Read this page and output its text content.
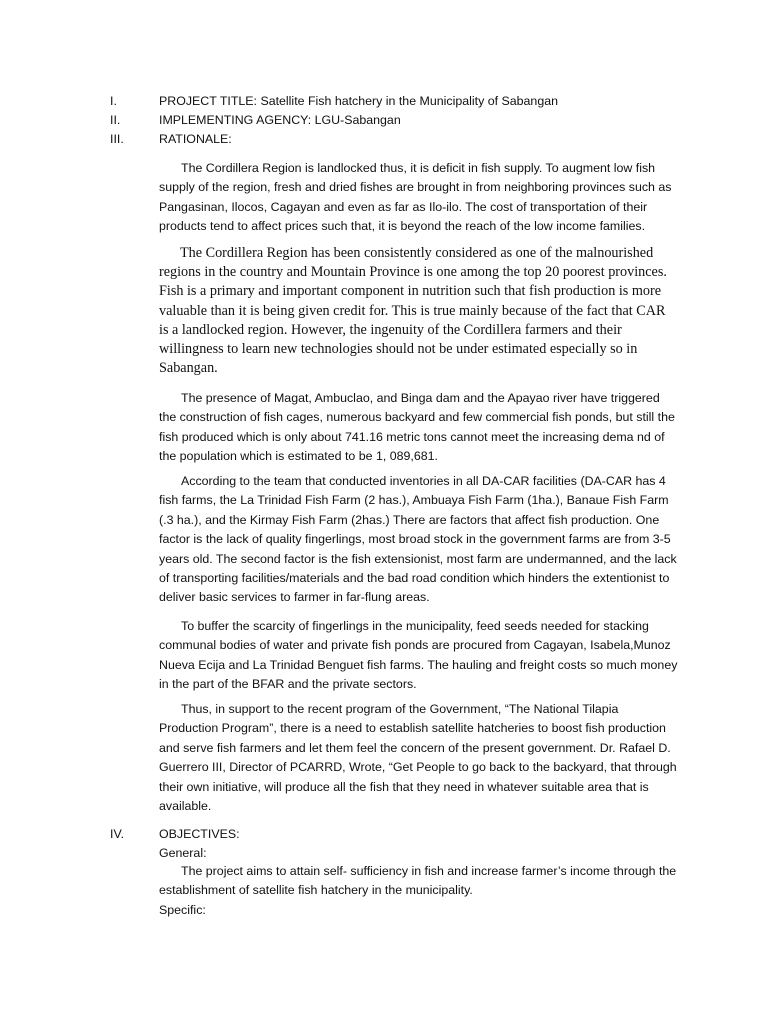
I.	PROJECT TITLE: Satellite Fish hatchery in the Municipality of Sabangan
II.	IMPLEMENTING AGENCY: LGU-Sabangan
III.	RATIONALE:

The Cordillera Region is landlocked thus, it is deficit in fish supply. To augment low fish supply of the region, fresh and dried fishes are brought in from neighboring provinces such as Pangasinan, Ilocos, Cagayan and even as far as Ilo-ilo. The cost of transportation of their products tend to affect prices such that, it is beyond the reach of the low income families.

The Cordillera Region has been consistently considered as one of the malnourished regions in the country and Mountain Province is one among the top 20 poorest provinces. Fish is a primary and important component in nutrition such that fish production is more valuable than it is being given credit for. This is true mainly because of the fact that CAR is a landlocked region. However, the ingenuity of the Cordillera farmers and their willingness to learn new technologies should not be under estimated especially so in Sabangan.

The presence of Magat, Ambuclao, and Binga dam and the Apayao river have triggered the construction of fish cages, numerous backyard and few commercial fish ponds, but still the fish produced which is only about 741.16 metric tons cannot meet the increasing dema nd of the population which is estimated to be 1, 089,681.

According to the team that conducted inventories in all DA-CAR facilities (DA-CAR has 4 fish farms, the La Trinidad Fish Farm (2 has.), Ambuaya Fish Farm (1ha.), Banaue Fish Farm (.3 ha.), and the Kirmay Fish Farm (2has.) There are factors that affect fish production. One factor is the lack of quality fingerlings, most broad stock in the government farms are from 3-5 years old. The second factor is the fish extensionist, most farm are undermanned, and the lack of transporting facilities/materials and the bad road condition which hinders the extentionist to deliver basic services to farmer in far-flung areas.

To buffer the scarcity of fingerlings in the municipality, feed seeds needed for stacking communal bodies of water and private fish ponds are procured from Cagayan, Isabela,Munoz Nueva Ecija and La Trinidad Benguet fish farms. The hauling and freight costs so much money in the part of the BFAR and the private sectors.

Thus, in support to the recent program of the Government, “The National Tilapia Production Program”, there is a need to establish satellite hatcheries to boost fish production and serve fish farmers and let them feel the concern of the present government. Dr. Rafael D. Guerrero III, Director of PCARRD, Wrote, “Get People to go back to the backyard, that through their own initiative, will produce all the fish that they need in whatever suitable area that is available.

IV.	OBJECTIVES:

General:

The project aims to attain self- sufficiency in fish and increase farmer’s income through the establishment of satellite fish hatchery in the municipality.

Specific:
